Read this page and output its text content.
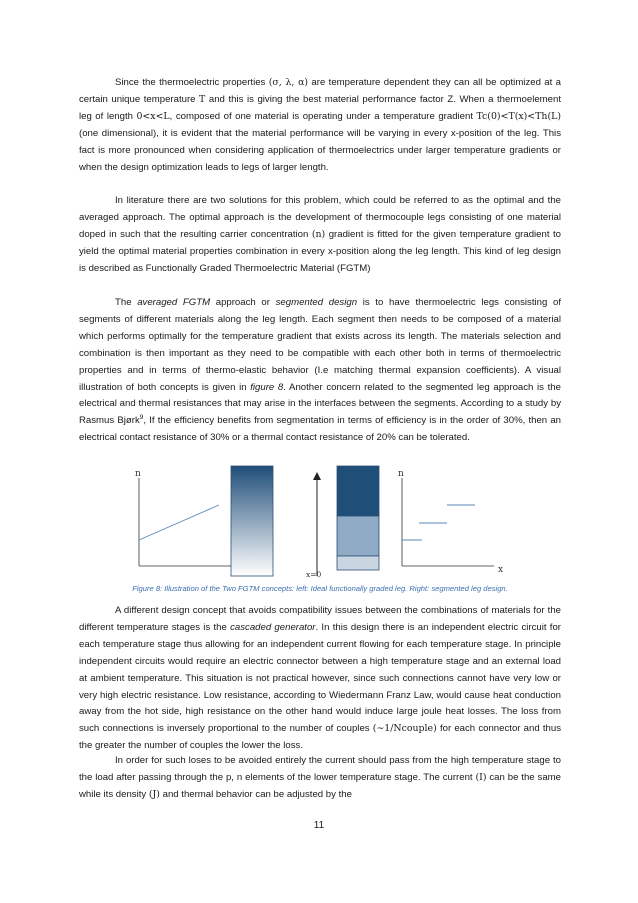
Since the thermoelectric properties (σ, λ, α) are temperature dependent they can all be optimized at a certain unique temperature T and this is giving the best material performance factor Z. When a thermoelement leg of length 0<x<L, composed of one material is operating under a temperature gradient Tc(0)<T(x)<Th(L) (one dimensional), it is evident that the material performance will be varying in every x-position of the leg. This fact is more pronounced when considering application of thermoelectrics under larger temperature gradients or when the design optimization leads to legs of larger length.

In literature there are two solutions for this problem, which could be referred to as the optimal and the averaged approach. The optimal approach is the development of thermocouple legs consisting of one material doped in such that the resulting carrier concentration (n) gradient is fitted for the given temperature gradient to yield the optimal material properties combination in every x-position along the leg length. This kind of leg design is described as Functionally Graded Thermoelectric Material (FGTM)

The averaged FGTM approach or segmented design is to have thermoelectric legs consisting of segments of different materials along the leg length. Each segment then needs to be composed of a material which performs optimally for the temperature gradient that exists across its length. The materials selection and combination is then important as they need to be compatible with each other both in terms of thermoelectric properties and in terms of thermo-elastic behavior (I.e matching thermal expansion coefficients). A visual illustration of both concepts is given in figure 8. Another concern related to the segmented leg approach is the electrical and thermal resistances that may arise in the interfaces between the segments. According to a study by Rasmus Bjørk$^9$, If the efficiency benefits from segmentation in terms of efficiency is in the order of 30%, then an electrical contact resistance of 30% or a thermal contact resistance of 20% can be tolerated.

n
x=0
n
x
Figure 8: Illustration of the Two FGTM concepts: left: Ideal functionally graded leg. Right: segmented leg design.

A different design concept that avoids compatibility issues between the combinations of materials for the different temperature stages is the cascaded generator. In this design there is an independent electric circuit for each temperature stage thus allowing for an independent current flowing for each temperature stage. In principle independent circuits would require an electric connector between a high temperature stage and an external load at ambient temperature. This situation is not practical however, since such connections cannot have very low or very high electric resistance. Low resistance, according to Wiedermann Franz Law, would cause heat conduction away from the hot side, high resistance on the other hand would induce large joule heat losses. The loss from such connections is inversely proportional to the number of couples (∼1/Ncouple) for each connector and thus the greater the number of couples the lower the loss.

In order for such loses to be avoided entirely the current should pass from the high temperature stage to the load after passing through the p, n elements of the lower temperature stage. The current (I) can be the same while its density (J) and thermal behavior can be adjusted by the

11
